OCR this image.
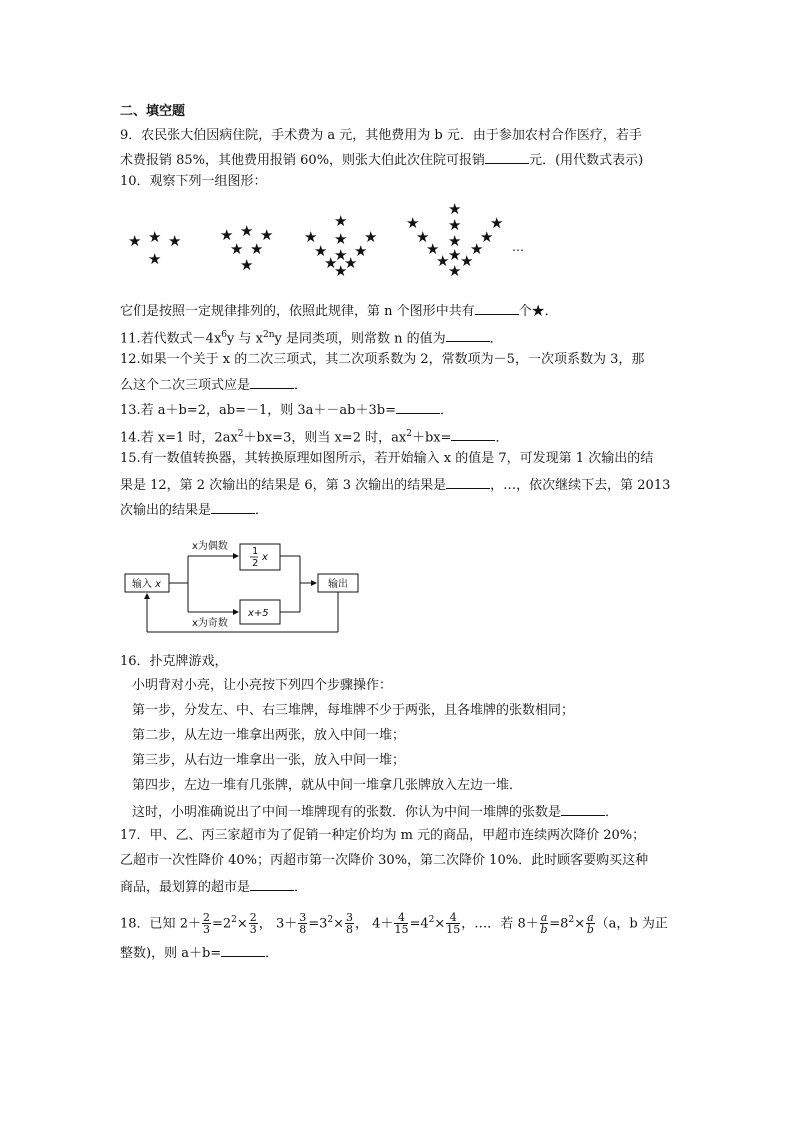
二、填空题
9．农民张大伯因病住院，手术费为 a 元，其他费用为 b 元．由于参加农村合作医疗，若手
术费报销 85%，其他费用报销 60%，则张大伯此次住院可报销	元．(用代数式表示)
10．观察下列一组图形：
★ ★ ★
★
★ ★ ★
★ ★
★
★
★
★
★
★
★
★
★
★
★
★
★
★
★
★
★
★ ★ ★
★ ★
★
★
…
它们是按照一定规律排列的，依照此规律，第 n 个图形中共有	个★．
11.若代数式$-4x^6y$ 与 $x^{2n}y$ 是同类项，则常数 n 的值为	．
12.如果一个关于 x 的二次三项式，其二次项系数为 2，常数项为－5，一次项系数为 3，那
么这个二次三项式应是	．
13.若 a＋b=2，ab=－1，则 3a＋－ab＋3b=	．
14.若 x=1 时，$2ax^2+bx=3$，则当 x=2 时，$ax^2+bx=$	．
15.有一数值转换器，其转换原理如图所示，若开始输入 x 的值是 7，可发现第 1 次输出的结
果是 12，第 2 次输出的结果是 6，第 3 次输出的结果是	，…，依次继续下去，第 2013
次输出的结果是	．
输入 x
x为偶数
x为奇数
1
2
x
x+5
输出
16．扑克牌游戏，
小明背对小亮，让小亮按下列四个步骤操作：
第一步，分发左、中、右三堆牌，每堆牌不少于两张，且各堆牌的张数相同；
第二步，从左边一堆拿出两张，放入中间一堆；
第三步，从右边一堆拿出一张，放入中间一堆；
第四步，左边一堆有几张牌，就从中间一堆拿几张牌放入左边一堆．
这时，小明准确说出了中间一堆牌现有的张数．你认为中间一堆牌的张数是	．
17．甲、乙、丙三家超市为了促销一种定价均为 m 元的商品，甲超市连续两次降价 20%；
乙超市一次性降价 40%；丙超市第一次降价 30%，第二次降价 10%．此时顾客要购买这种
商品，最划算的超市是	．
18．已知 $2+ \frac{2}{3} =2^2\times \frac{2}{3}$ ， $3+ \frac{3}{8} =3^2\times \frac{3}{8}$ ， $4+ \frac{4}{15} =4^2\times \frac{4}{15}$ ，…．若 $8+ \frac{a}{b} =8^2\times \frac{a}{b} (a$，b 为正
整数)，则 a＋b=	．
